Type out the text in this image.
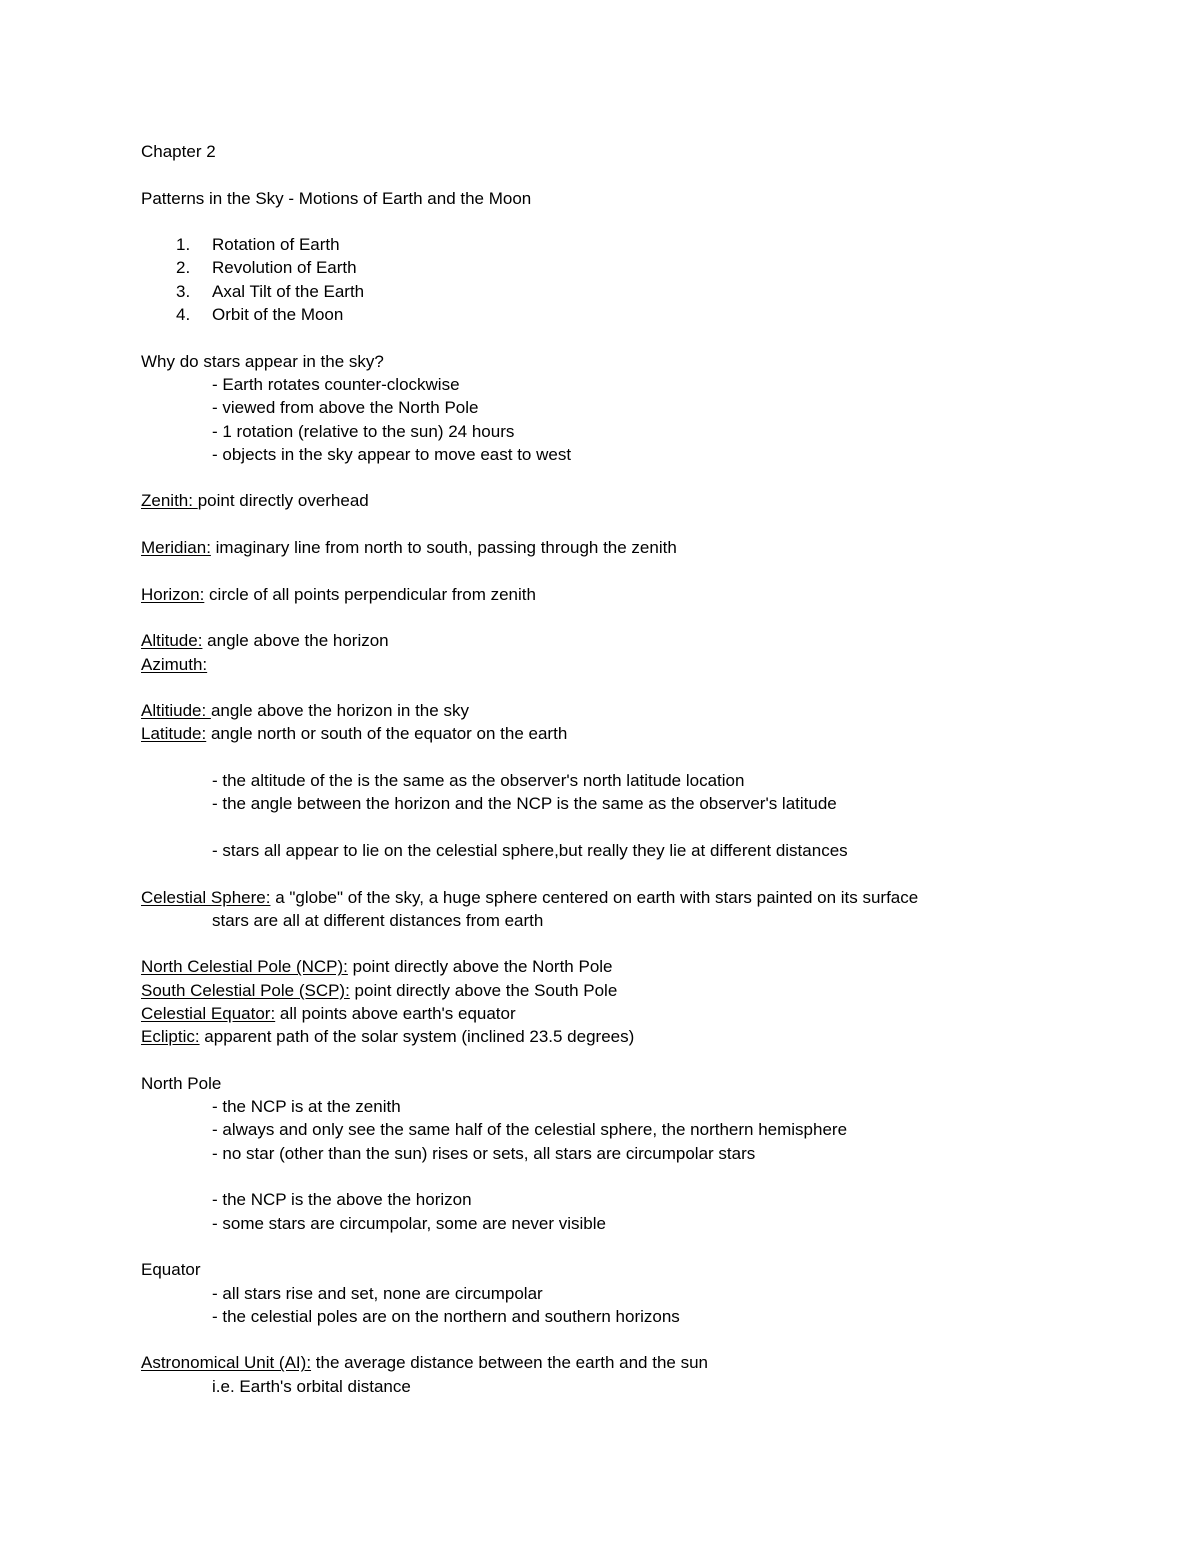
Chapter 2

Patterns in the Sky - Motions of Earth and the Moon

1.	Rotation of Earth
2.	Revolution of Earth
3.	Axal Tilt of the Earth
4.	Orbit of the Moon

Why do stars appear in the sky?

- Earth rotates counter-clockwise

- viewed from above the North Pole

- 1 rotation (relative to the sun) 24 hours

- objects in the sky appear to move east to west

Zenith: point directly overhead

Meridian: imaginary line from north to south, passing through the zenith

Horizon: circle of all points perpendicular from zenith

Altitude: angle above the horizon

Azimuth:

Altitiude: angle above the horizon in the sky

Latitude: angle north or south of the equator on the earth

- the altitude of the is the same as the observer's north latitude location

- the angle between the horizon and the NCP is the same as the observer's latitude

- stars all appear to lie on the celestial sphere,but really they lie at different distances

Celestial Sphere: a "globe" of the sky, a huge sphere centered on earth with stars painted on its surface

stars are all at different distances from earth

North Celestial Pole (NCP): point directly above the North Pole

South Celestial Pole (SCP): point directly above the South Pole

Celestial Equator: all points above earth's equator

Ecliptic: apparent path of the solar system (inclined 23.5 degrees)

North Pole

- the NCP is at the zenith

- always and only see the same half of the celestial sphere, the northern hemisphere

- no star (other than the sun) rises or sets, all stars are circumpolar stars

- the NCP is the above the horizon

- some stars are circumpolar, some are never visible

Equator

- all stars rise and set, none are circumpolar

- the celestial poles are on the northern and southern horizons

Astronomical Unit (AI): the average distance between the earth and the sun

i.e. Earth's orbital distance
